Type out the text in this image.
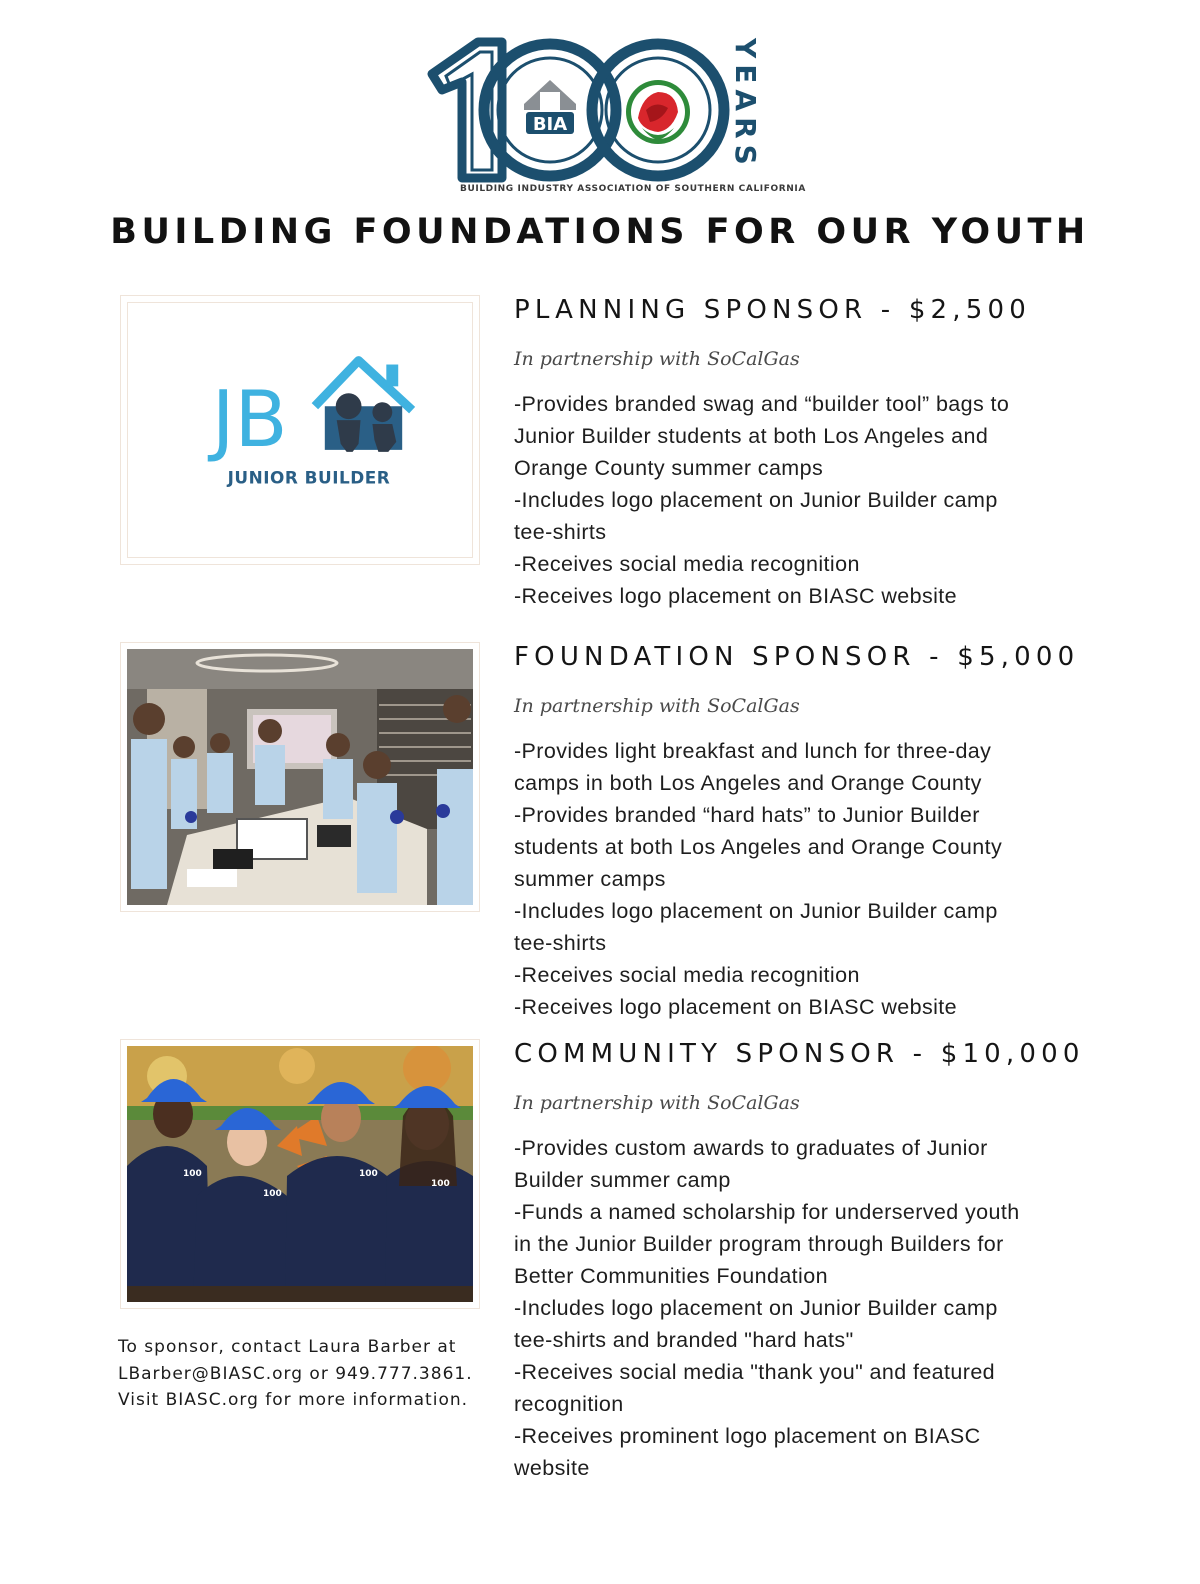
BIA	YEARS
BUILDING INDUSTRY ASSOCIATION OF SOUTHERN CALIFORNIA
BUILDING FOUNDATIONS FOR OUR YOUTH
JB
JUNIOR BUILDER
100
100
100
100
PLANNING SPONSOR - $2,500
In partnership with SoCalGas
-Provides branded swag and “builder tool” bags to
Junior Builder students at both Los Angeles and
Orange County summer camps
-Includes logo placement on Junior Builder camp
tee-shirts
-Receives social media recognition
-Receives logo placement on BIASC website
FOUNDATION SPONSOR - $5,000
In partnership with SoCalGas
-Provides light breakfast and lunch for three-day
camps in both Los Angeles and Orange County
-Provides branded “hard hats” to Junior Builder
students at both Los Angeles and Orange County
summer camps
-Includes logo placement on Junior Builder camp
tee-shirts
-Receives social media recognition
-Receives logo placement on BIASC website
COMMUNITY SPONSOR - $10,000
In partnership with SoCalGas
-Provides custom awards to graduates of Junior
Builder summer camp
-Funds a named scholarship for underserved youth
in the Junior Builder program through Builders for
Better Communities Foundation
-Includes logo placement on Junior Builder camp
tee-shirts and branded "hard hats"
-Receives social media "thank you" and featured
recognition
-Receives prominent logo placement on BIASC
website
To sponsor, contact Laura Barber at
LBarber@BIASC.org or 949.777.3861.
Visit BIASC.org for more information.
